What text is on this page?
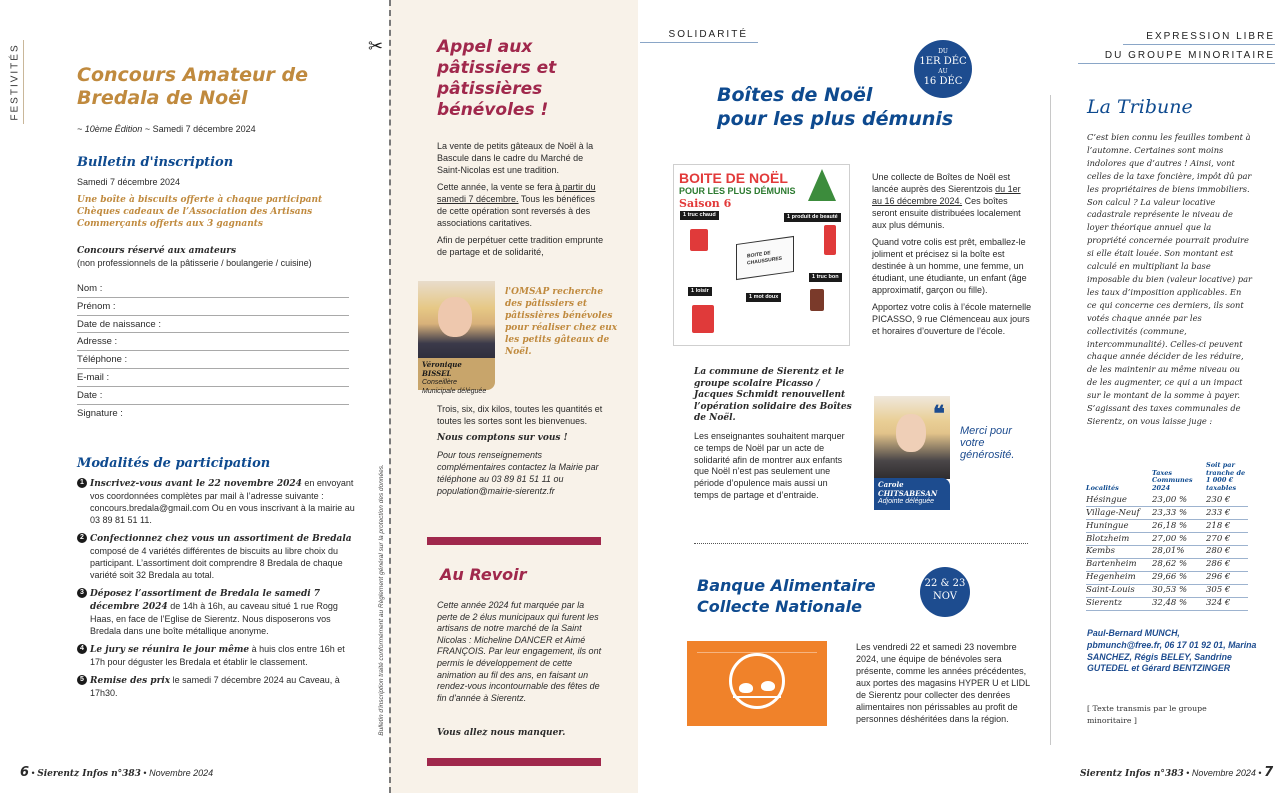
FESTIVITÉS	Concours Amateur de Bredala de Noël
~ 10ème Édition ~ Samedi 7 décembre 2024
Bulletin d'inscription
Samedi 7 décembre 2024
Une boîte à biscuits offerte à chaque participant
Chèques cadeaux de l’Association des Artisans
Commerçants offerts aux 3 gagnants
Concours réservé aux amateurs
(non professionnels de la pâtisserie / boulangerie / cuisine)
Nom :
Prénom :
Date de naissance :
Adresse :
Téléphone :
E-mail :
Date :
Signature :
Modalités de participation
1 Inscrivez-vous avant le 22 novembre 2024 en envoyant vos coordonnées complètes par mail à l’adresse suivante : concours.bredala@gmail.com Ou en vous inscrivant à la mairie au 03 89 81 51 11.
2 Confectionnez chez vous un assortiment de Bredala composé de 4 variétés différentes de biscuits au libre choix du participant. L’assortiment doit comprendre 8 Bredala de chaque variété soit 32 Bredala au total.
3 Déposez l’assortiment de Bredala le samedi 7 décembre 2024 de 14h à 16h, au caveau situé 1 rue Rogg Haas, en face de l’Eglise de Sierentz. Nous disposerons vos Bredala dans une boîte métallique anonyme.
4 Le jury se réunira le jour même à huis clos entre 16h et 17h pour déguster les Bredala et établir le classement.
5 Remise des prix le samedi 7 décembre 2024 au Caveau, à 17h30.
6 • Sierentz Infos n°383 • Novembre 2024
✂
Bulletin d'inscription traité conformément au Règlement général sur la protection des données.
Appel aux pâtissiers et pâtissières bénévoles !

La vente de petits gâteaux de Noël à la Bascule dans le cadre du Marché de Saint-Nicolas est une tradition.

Cette année, la vente se fera à partir du samedi 7 décembre. Tous les bénéfices de cette opération sont reversés à des associations caritatives.

Afin de perpétuer cette tradition emprunte de partage et de solidarité,

Véronique BISSEL
Conseillère Municipale déléguée
l'OMSAP recherche des pâtissiers et pâtissières bénévoles pour réaliser chez eux les petits gâteaux de Noël.

Trois, six, dix kilos, toutes les quantités et toutes les sortes sont les bienvenues.

Nous comptons sur vous !

Pour tous renseignements complémentaires contactez la Mairie par téléphone au 03 89 81 51 11 ou population@mairie-sierentz.fr

Au Revoir
Cette année 2024 fut marquée par la perte de 2 élus municipaux qui furent les artisans de notre marché de la Saint Nicolas : Micheline DANCER et Aimé FRANÇOIS. Par leur engagement, ils ont permis le développement de cette animation au fil des ans, en faisant un rendez-vous incontournable des fêtes de fin d'année à Sierentz.
Vous allez nous manquer.
SOLIDARITÉ	EXPRESSION LIBRE
DU GROUPE MINORITAIRE
DU
1ER DÉC
AU
16 DÉC
Boîtes de Noël
pour les plus démunis
BOITE DE NOËL
POUR LES PLUS DÉMUNIS
Saison 6
1 truc chaud	1 produit de beauté
1 truc bon
1 loisir
1 mot doux
BOITE DE CHAUSSURES

Une collecte de Boîtes de Noël est lancée auprès des Sierentzois du 1er au 16 décembre 2024. Ces boîtes seront ensuite distribuées localement aux plus démunis.

Quand votre colis est prêt, emballez-le joliment et précisez si la boîte est destinée à un homme, une femme, un étudiant, une étudiante, un enfant (âge approximatif, garçon ou fille).

Apportez votre colis à l’école maternelle PICASSO, 9 rue Clémenceau aux jours et horaires d’ouverture de l’école.

La commune de Sierentz et le groupe scolaire Picasso / Jacques Schmidt renouvellent l’opération solidaire des Boîtes de Noël.
Les enseignantes souhaitent marquer ce temps de Noël par un acte de solidarité afin de montrer aux enfants que Noël n’est pas seulement une période d’opulence mais aussi un temps de partage et d’entraide.
Carole
CHITSABESAN
Adjointe déléguée
❝
Merci pour votre générosité.
Banque Alimentaire
Collecte Nationale
22 & 23
NOV
Les vendredi 22 et samedi 23 novembre 2024, une équipe de bénévoles sera présente, comme les années précédentes, aux portes des magasins HYPER U et LIDL de Sierentz pour collecter des denrées alimentaires non périssables au profit de personnes déshéritées dans la région.
La Tribune
C’est bien connu les feuilles tombent à l’automne. Certaines sont moins indolores que d’autres ! Ainsi, vont celles de la taxe foncière, impôt dû par les propriétaires de biens immobiliers. Son calcul ? La valeur locative cadastrale représente le niveau de loyer théorique annuel que la propriété concernée pourrait produire si elle était louée. Son montant est calculé en multipliant la base imposable du bien (valeur locative) par les taux d’imposition applicables. En ce qui concerne ces derniers, ils sont votés chaque année par les collectivités (commune, intercommunalité). Celles-ci peuvent chaque année décider de les réduire, de les maintenir au même niveau ou de les augmenter, ce qui a un impact sur le montant de la somme à payer. S’agissant des taxes communales de Sierentz, on vous laisse juge :
Localités	Taxes Communes 2024	Soit par tranche de 1 000 € taxables
Hésingue	23,00 %	230 €
Village-Neuf	23,33 %	233 €
Huningue	26,18 %	218 €
Blotzheim	27,00 %	270 €
Kembs	28,01%	280 €
Bartenheim	28,62 %	286 €
Hegenheim	29,66 %	296 €
Saint-Louis	30,53 %	305 €
Sierentz	32,48 %	324 €
Paul-Bernard MUNCH, pbmunch@free.fr, 06 17 01 92 01, Marina SANCHEZ, Régis BELEY, Sandrine GUTEDEL et Gérard BENTZINGER
[ Texte transmis par le groupe minoritaire ]
Sierentz Infos n°383 • Novembre 2024 • 7
